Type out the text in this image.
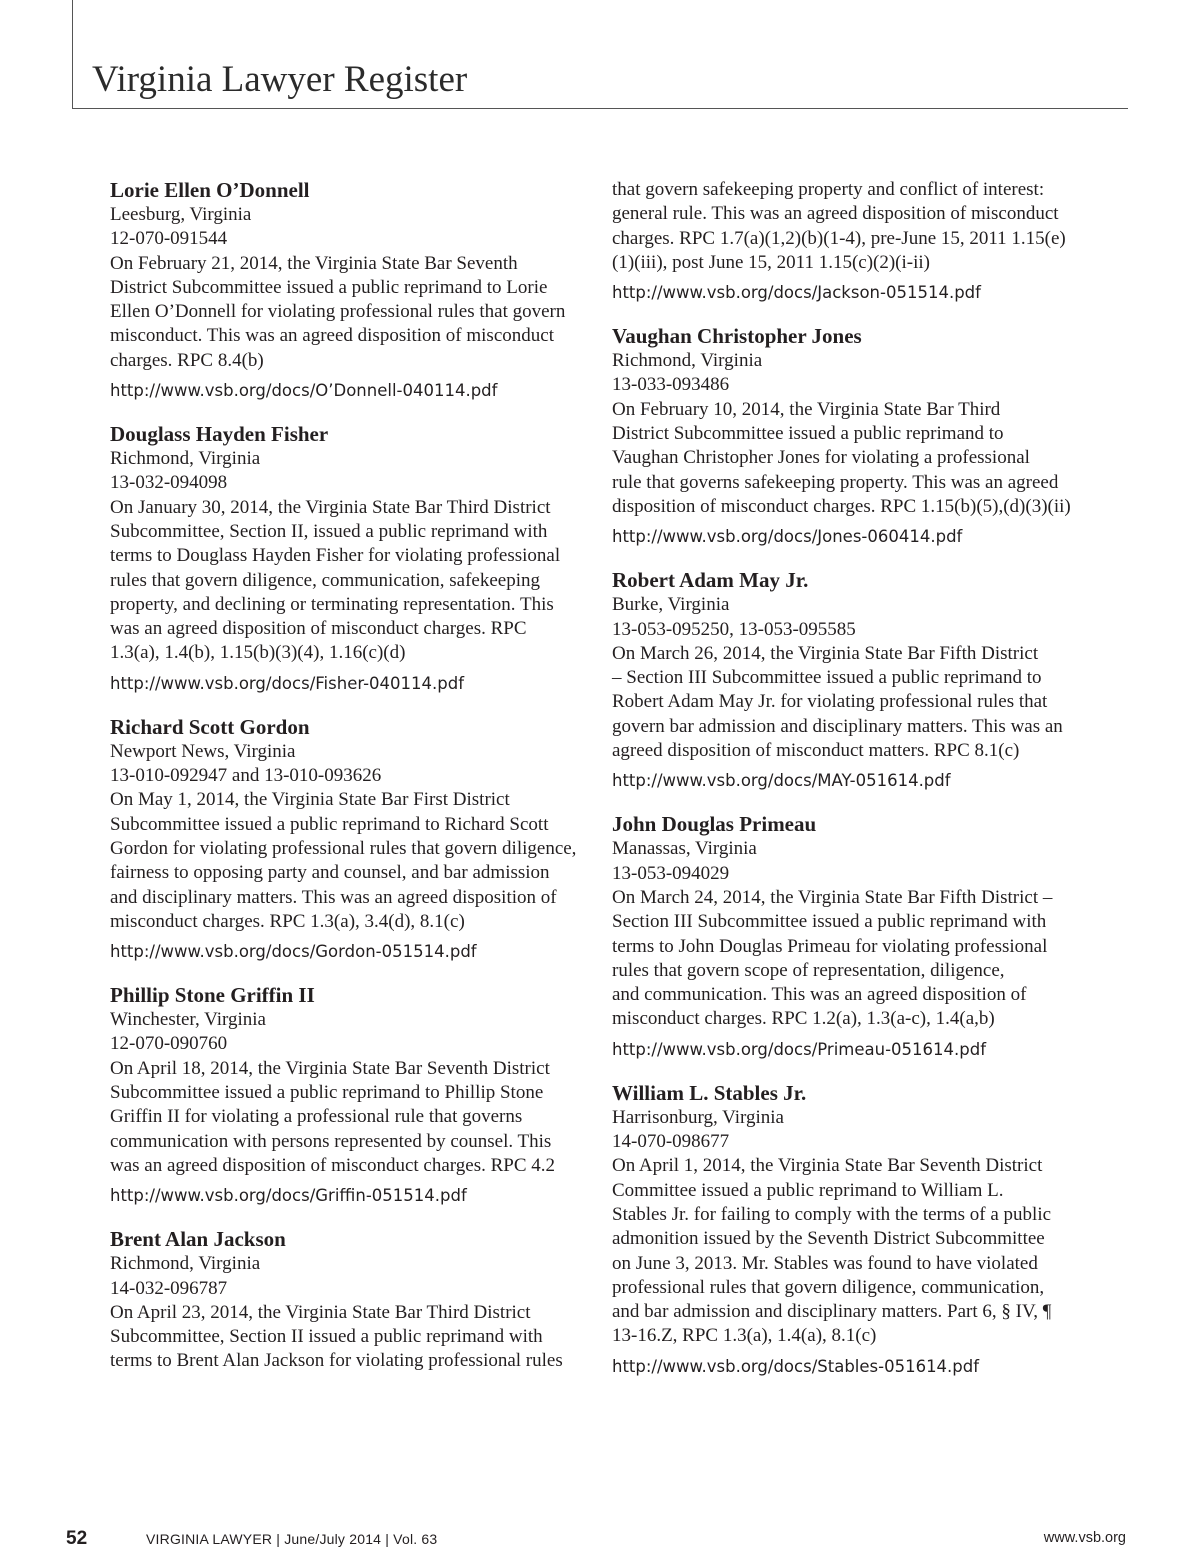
Virginia Lawyer Register
Lorie Ellen O’Donnell
Leesburg, Virginia
12-070-091544
On February 21, 2014, the Virginia State Bar Seventh
District Subcommittee issued a public reprimand to Lorie
Ellen O’Donnell for violating professional rules that govern
misconduct. This was an agreed disposition of misconduct
charges. RPC 8.4(b)
http://www.vsb.org/docs/O’Donnell-040114.pdf
Douglass Hayden Fisher
Richmond, Virginia
13-032-094098
On January 30, 2014, the Virginia State Bar Third District
Subcommittee, Section II, issued a public reprimand with
terms to Douglass Hayden Fisher for violating professional
rules that govern diligence, communication, safekeeping
property, and declining or terminating representation. This
was an agreed disposition of misconduct charges. RPC
1.3(a), 1.4(b), 1.15(b)(3)(4), 1.16(c)(d)
http://www.vsb.org/docs/Fisher-040114.pdf
Richard Scott Gordon
Newport News, Virginia
13-010-092947 and 13-010-093626
On May 1, 2014, the Virginia State Bar First District
Subcommittee issued a public reprimand to Richard Scott
Gordon for violating professional rules that govern diligence,
fairness to opposing party and counsel, and bar admission
and disciplinary matters. This was an agreed disposition of
misconduct charges. RPC 1.3(a), 3.4(d), 8.1(c)
http://www.vsb.org/docs/Gordon-051514.pdf
Phillip Stone Griffin II
Winchester, Virginia
12-070-090760
On April 18, 2014, the Virginia State Bar Seventh District
Subcommittee issued a public reprimand to Phillip Stone
Griffin II for violating a professional rule that governs
communication with persons represented by counsel. This
was an agreed disposition of misconduct charges. RPC 4.2
http://www.vsb.org/docs/Griffin-051514.pdf
Brent Alan Jackson
Richmond, Virginia
14-032-096787
On April 23, 2014, the Virginia State Bar Third District
Subcommittee, Section II issued a public reprimand with
terms to Brent Alan Jackson for violating professional rules
that govern safekeeping property and conflict of interest:
general rule. This was an agreed disposition of misconduct
charges. RPC 1.7(a)(1,2)(b)(1-4), pre-June 15, 2011 1.15(e)
(1)(iii), post June 15, 2011 1.15(c)(2)(i-ii)
http://www.vsb.org/docs/Jackson-051514.pdf
Vaughan Christopher Jones
Richmond, Virginia
13-033-093486
On February 10, 2014, the Virginia State Bar Third
District Subcommittee issued a public reprimand to
Vaughan Christopher Jones for violating a professional
rule that governs safekeeping property. This was an agreed
disposition of misconduct charges. RPC 1.15(b)(5),(d)(3)(ii)
http://www.vsb.org/docs/Jones-060414.pdf
Robert Adam May Jr.
Burke, Virginia
13-053-095250, 13-053-095585
On March 26, 2014, the Virginia State Bar Fifth District
– Section III Subcommittee issued a public reprimand to
Robert Adam May Jr. for violating professional rules that
govern bar admission and disciplinary matters. This was an
agreed disposition of misconduct matters. RPC 8.1(c)
http://www.vsb.org/docs/MAY-051614.pdf
John Douglas Primeau
Manassas, Virginia
13-053-094029
On March 24, 2014, the Virginia State Bar Fifth District –
Section III Subcommittee issued a public reprimand with
terms to John Douglas Primeau for violating professional
rules that govern scope of representation, diligence,
and communication. This was an agreed disposition of
misconduct charges. RPC 1.2(a), 1.3(a-c), 1.4(a,b)
http://www.vsb.org/docs/Primeau-051614.pdf
William L. Stables Jr.
Harrisonburg, Virginia
14-070-098677
On April 1, 2014, the Virginia State Bar Seventh District
Committee issued a public reprimand to William L.
Stables Jr. for failing to comply with the terms of a public
admonition issued by the Seventh District Subcommittee
on June 3, 2013. Mr. Stables was found to have violated
professional rules that govern diligence, communication,
and bar admission and disciplinary matters. Part 6, § IV, ¶
13-16.Z, RPC 1.3(a), 1.4(a), 8.1(c)
http://www.vsb.org/docs/Stables-051614.pdf
52	VIRGINIA LAWYER | June/July 2014 | Vol. 63	www.vsb.org
